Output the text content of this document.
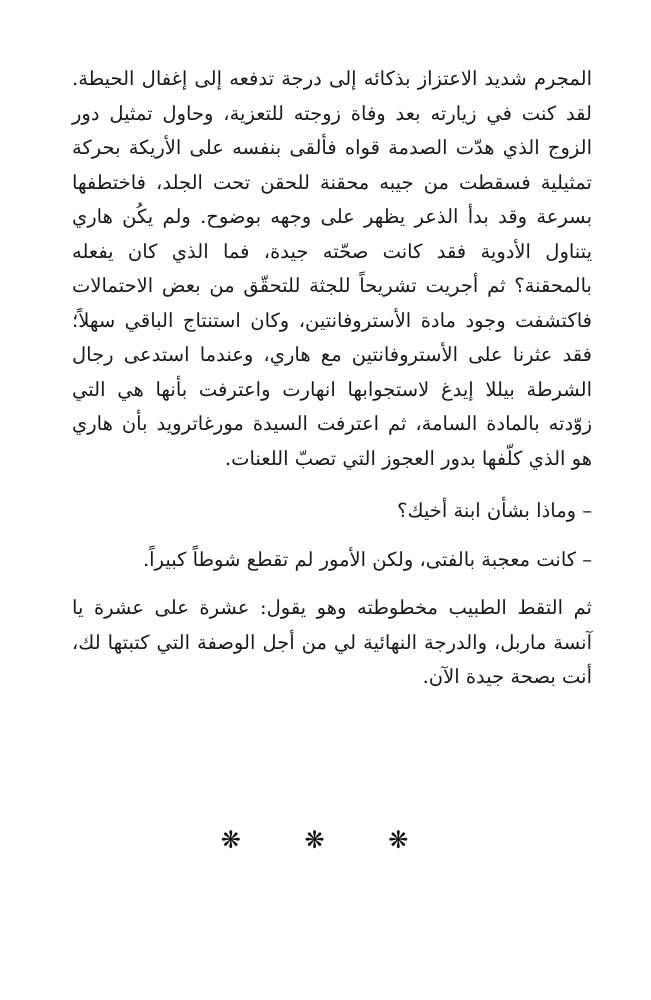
المجرم شديد الاعتزاز بذكائه إلى درجة تدفعه إلى إغفال الحيطة. لقد كنت في زيارته بعد وفاة زوجته للتعزية، وحاول تمثيل دور الزوج الذي هدّت الصدمة قواه فألقى بنفسه على الأريكة بحركة تمثيلية فسقطت من جيبه محقنة للحقن تحت الجلد، فاختطفها بسرعة وقد بدأ الذعر يظهر على وجهه بوضوح. ولم يكُن هاري يتناول الأدوية فقد كانت صحّته جيدة، فما الذي كان يفعله بالمحقنة؟ ثم أجريت تشريحاً للجثة للتحقّق من بعض الاحتمالات فاكتشفت وجود مادة الأستروفانتين، وكان استنتاج الباقي سهلاً؛ فقد عثرنا على الأستروفانتين مع هاري، وعندما استدعى رجال الشرطة بيللا إيدغ لاستجوابها انهارت واعترفت بأنها هي التي زوّدته بالمادة السامة، ثم اعترفت السيدة مورغاترويد بأن هاري هو الذي كلّفها بدور العجوز التي تصبّ اللعنات.

– وماذا بشأن ابنة أخيك؟

– كانت معجبة بالفتى، ولكن الأمور لم تقطع شوطاً كبيراً.

ثم التقط الطبيب مخطوطته وهو يقول: عشرة على عشرة يا آنسة ماربل، والدرجة النهائية لي من أجل الوصفة التي كتبتها لك، أنت بصحة جيدة الآن.

❋ ❋ ❋
